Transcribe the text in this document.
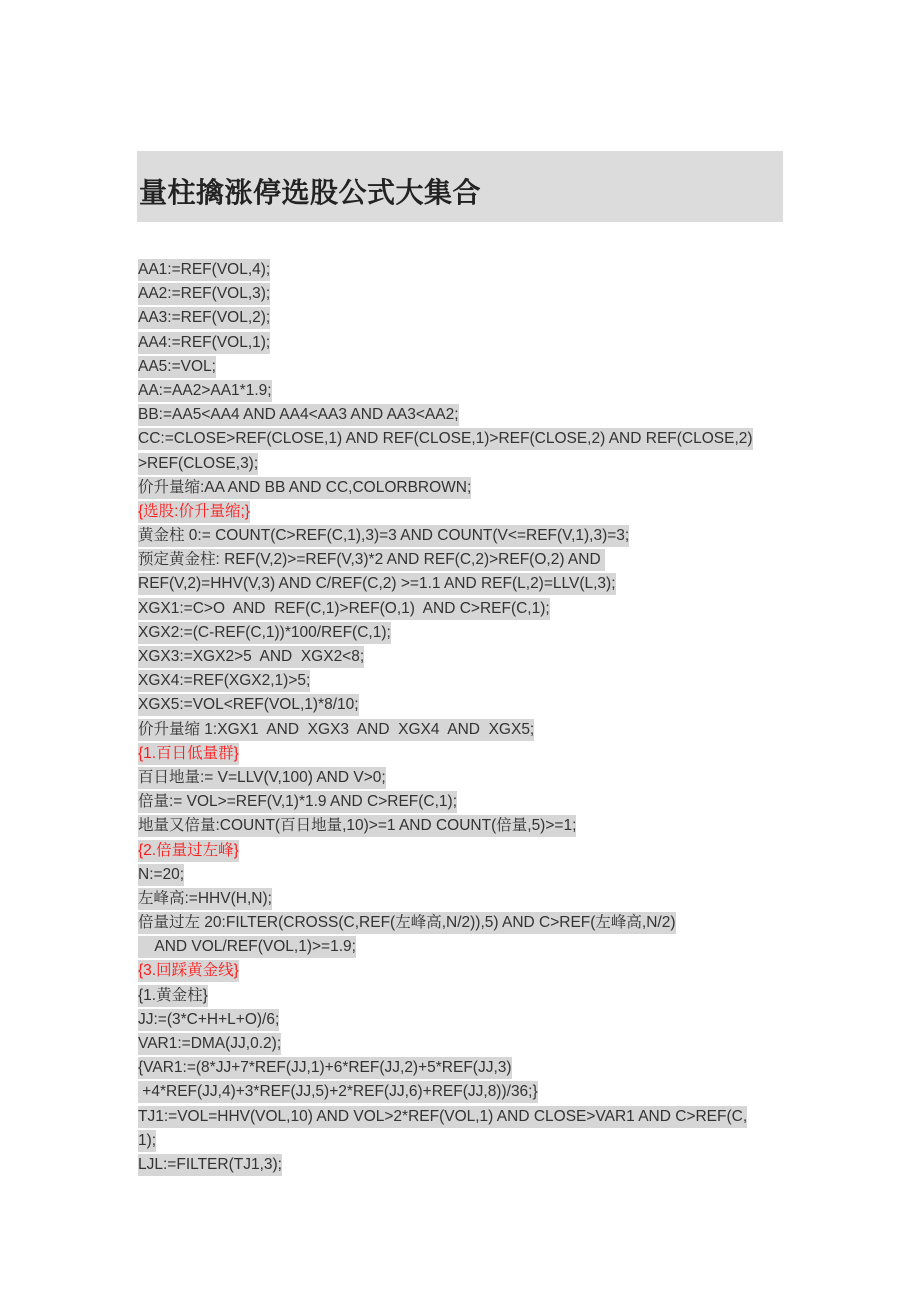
量柱擒涨停选股公式大集合
AA1:=REF(VOL,4);
AA2:=REF(VOL,3);
AA3:=REF(VOL,2);
AA4:=REF(VOL,1);
AA5:=VOL;
AA:=AA2>AA1*1.9;
BB:=AA5<AA4 AND AA4<AA3 AND AA3<AA2;
CC:=CLOSE>REF(CLOSE,1) AND REF(CLOSE,1)>REF(CLOSE,2) AND REF(CLOSE,2)
>REF(CLOSE,3);
价升量缩:AA AND BB AND CC,COLORBROWN;
{选股:价升量缩;}
黄金柱 0:= COUNT(C>REF(C,1),3)=3 AND COUNT(V<=REF(V,1),3)=3;
预定黄金柱: REF(V,2)>=REF(V,3)*2 AND REF(C,2)>REF(O,2) AND
REF(V,2)=HHV(V,3) AND C/REF(C,2) >=1.1 AND REF(L,2)=LLV(L,3);
XGX1:=C>O  AND  REF(C,1)>REF(O,1)  AND C>REF(C,1);
XGX2:=(C-REF(C,1))*100/REF(C,1);
XGX3:=XGX2>5  AND  XGX2<8;
XGX4:=REF(XGX2,1)>5;
XGX5:=VOL<REF(VOL,1)*8/10;
价升量缩 1:XGX1  AND  XGX3  AND  XGX4  AND  XGX5;
{1.百日低量群}
百日地量:= V=LLV(V,100) AND V>0;
倍量:= VOL>=REF(V,1)*1.9 AND C>REF(C,1);
地量又倍量:COUNT(百日地量,10)>=1 AND COUNT(倍量,5)>=1;
{2.倍量过左峰}
N:=20;
左峰高:=HHV(H,N);
倍量过左 20:FILTER(CROSS(C,REF(左峰高,N/2)),5) AND C>REF(左峰高,N/2)
AND VOL/REF(VOL,1)>=1.9;
{3.回踩黄金线}
{1.黄金柱}
JJ:=(3*C+H+L+O)/6;
VAR1:=DMA(JJ,0.2);
{VAR1:=(8*JJ+7*REF(JJ,1)+6*REF(JJ,2)+5*REF(JJ,3)
+4*REF(JJ,4)+3*REF(JJ,5)+2*REF(JJ,6)+REF(JJ,8))/36;}
TJ1:=VOL=HHV(VOL,10) AND VOL>2*REF(VOL,1) AND CLOSE>VAR1 AND C>REF(C,
1);
LJL:=FILTER(TJ1,3);
